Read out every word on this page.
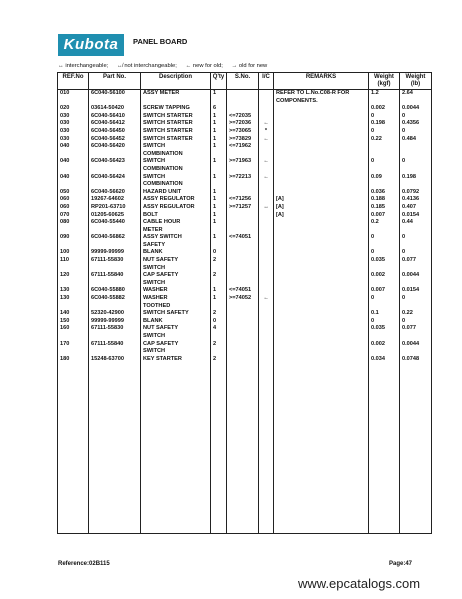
Kubota	PANEL BOARD
↔ interchangeable; ↮ not interchangeable; ← new for old; → old for new
REF.No	Part No.	Description	Q'ty	S.No.	I/C	REMARKS	Weight
(kgf)	Weight
(lb)
010	6C040-56100	ASSY METER	1			REFER TO L.No.C08-R FOR
COMPONENTS.	1.2	2.64
020	03614-50420	SCREW TAPPING	6				0.002	0.0044
030	6C040-56410	SWITCH STARTER	1	<=72035			0	0
030	6C040-56412	SWITCH STARTER	1	>=72036	←		0.198	0.4356
030	6C040-56450	SWITCH STARTER	1	>=73065	*		0	0
030	6C040-56452	SWITCH STARTER	1	>=73829	←		0.22	0.484
040	6C040-56420	SWITCH
COMBINATION	1	<=71962		

040	6C040-56423	SWITCH
COMBINATION	1	>=71963	←		0	0
040	6C040-56424	SWITCH
COMBINATION	1	>=72213	←		0.09	0.198
050	6C040-56620	HAZARD UNIT	1				0.036	0.0792
060	19267-64602	ASSY REGULATOR	1	<=71256		[A]	0.188	0.4136
060	RP201-63710	ASSY REGULATOR	1	>=71257	↔	[A]	0.185	0.407
070	01205-60625	BOLT	1			[A]	0.007	0.0154
080	6C040-55440	CABLE HOUR
METER	1				0.2	0.44
090	6C040-56862	ASSY SWITCH
SAFETY	1	<=74051			0	0
100	99999-99999	BLANK	0				0	0
110	67111-55830	NUT SAFETY
SWITCH	2				0.035	0.077
120	67111-55840	CAP SAFETY
SWITCH	2				0.002	0.0044
130	6C040-55880	WASHER	1	<=74051			0.007	0.0154
130	6C040-55882	WASHER
TOOTHED	1	>=74052	←		0	0
140	52320-42900	SWITCH SAFETY	2				0.1	0.22
150	99999-99999	BLANK	0				0	0
160	67111-55830	NUT SAFETY
SWITCH	4				0.035	0.077
170	67111-55840	CAP SAFETY
SWITCH	2				0.002	0.0044
180	15248-63700	KEY STARTER	2				0.034	0.0748

Reference:02B115	Page:47
www.epcatalogs.com
